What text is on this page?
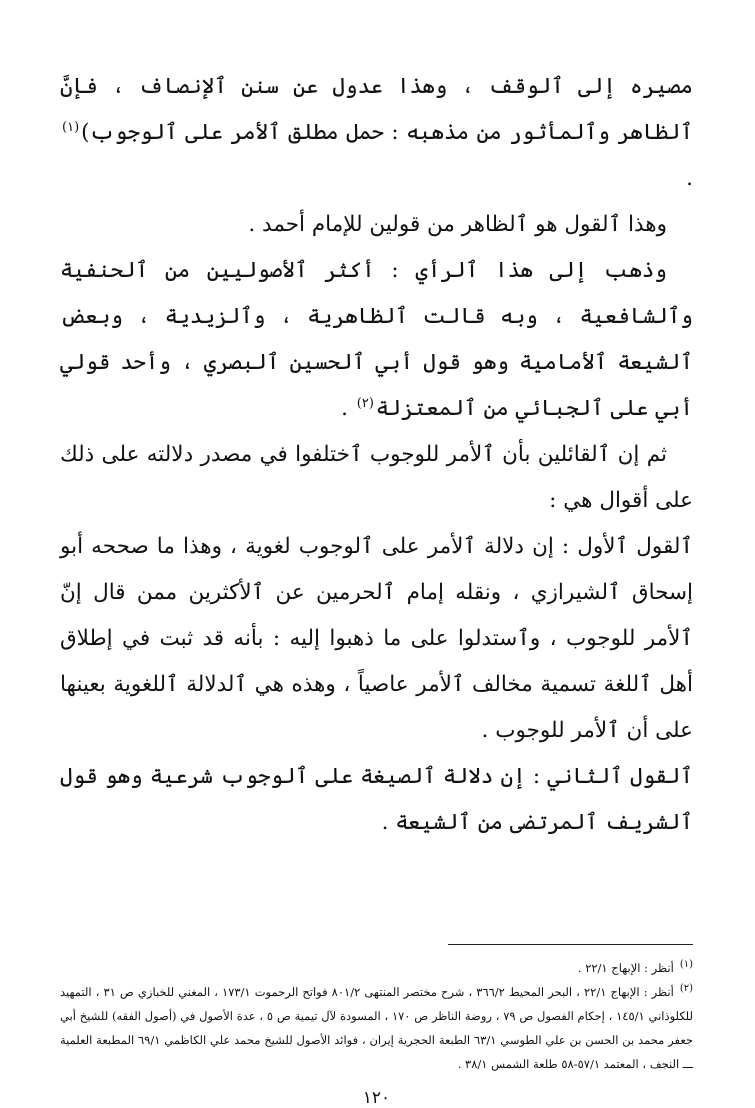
مصيره إلى ٱلوقف ، وهذا عدول عن سنن ٱلإنصاف ، فإنَّ ٱلظاهر وٱلمأثور من مذهبه : حمل مطلق ٱلأمر على ٱلوجوب)$^{(١)}$ .

وهذا ٱلقول هو ٱلظاهر من قولين للإمام أحمد .

وذهب إلى هذا ٱلرأي : أكثر ٱلأصوليين من ٱلحنفية وٱلشافعية ، وبه قالت ٱلظاهرية ، وٱلزيدية ، وبعض ٱلشيعة ٱلأمامية وهو قول أبي ٱلحسين ٱلبصري ، وأحد قولي أبي على ٱلجبائي من ٱلمعتزلة$^{(٢)}$ .

ثم إن ٱلقائلين بأن ٱلأمر للوجوب ٱختلفوا في مصدر دلالته على ذلك على أقوال هي :

ٱلقول ٱلأول : إن دلالة ٱلأمر على ٱلوجوب لغوية ، وهذا ما صححه أبو إسحاق ٱلشيرازي ، ونقله إمام ٱلحرمين عن ٱلأكثرين ممن قال إنّ ٱلأمر للوجوب ، وٱستدلوا على ما ذهبوا إليه : بأنه قد ثبت في إطلاق أهل ٱللغة تسمية مخالف ٱلأمر عاصياً ، وهذه هي ٱلدلالة ٱللغوية بعينها على أن ٱلأمر للوجوب .

ٱلقول ٱلثاني : إن دلالة ٱلصيغة على ٱلوجوب شرعية وهو قول ٱلشريف ٱلمرتضى من ٱلشيعة .

(١)أنظر : الإبهاج ٢٢/١ .

(٢)أنظر : الإبهاج ٢٢/١ ، البحر المحيط ٣٦٦/٢ ، شرح مختصر المنتهى ٨٠١/٢ فواتح الرحموت ١٧٣/١ ، المغني للخبازي ص ٣١ ، التمهيد للكلوذاني ١٤٥/١ ، إحكام الفصول ص ٧٩ ، روضة الناظر ص ١٧٠ ، المسودة لآل تيمية ص ٥ ، عدة الأصول في (أصول الفقه) للشيخ أبي جعفر محمد بن الحسن بن علي الطوسي ٦٣/١ الطبعة الحجرية إيران ، فوائد الأصول للشيخ محمد علي الكاظمي ٦٩/١ المطبعة العلمية ـــ النجف ، المعتمد ٥٧/١-٥٨ طلعة الشمس ٣٨/١ .

١٢٠
